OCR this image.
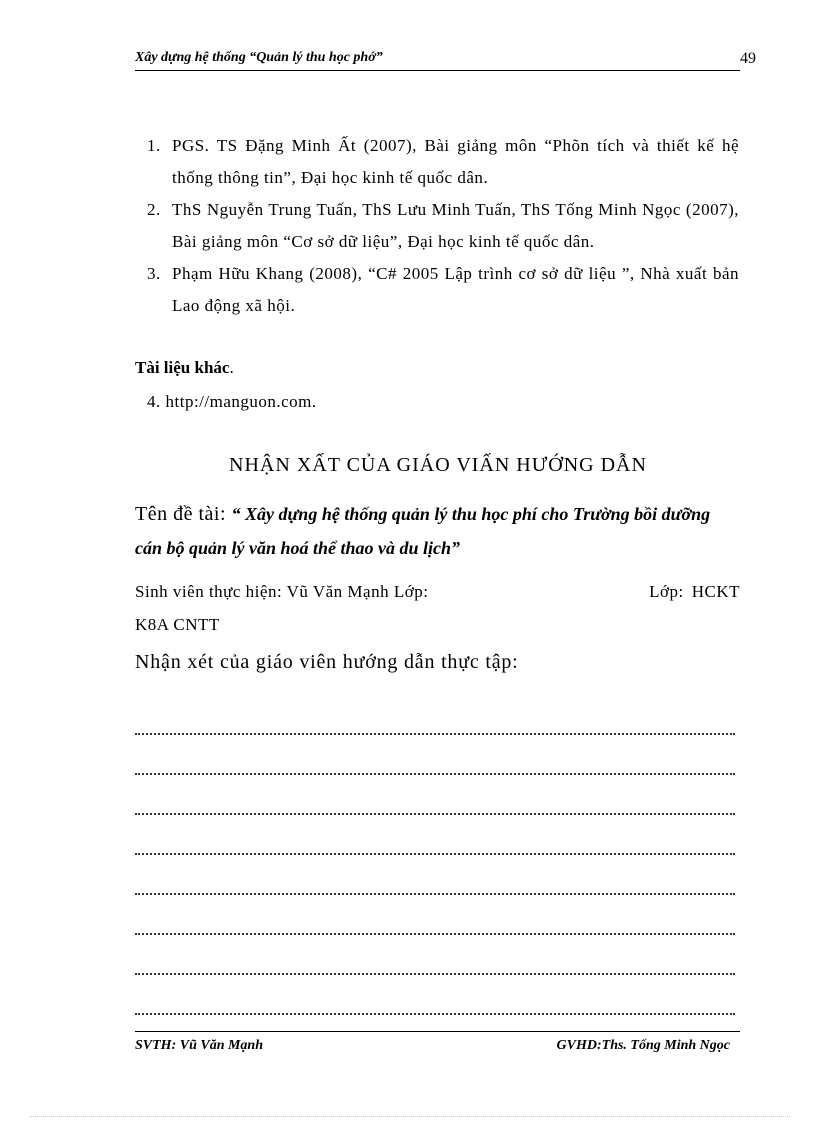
Xây dựng hệ thống “Quản lý thu học phớ”	49
1. PGS. TS Đặng Minh Ất (2007), Bài giảng môn “Phõn tích và thiết kế hệ thống thông tin”, Đại học kinh tế quốc dân.
2. ThS Nguyễn Trung Tuấn, ThS Lưu Minh Tuấn, ThS Tống Minh Ngọc (2007), Bài giảng môn “Cơ sở dữ liệu”, Đại học kinh tế quốc dân.
3. Phạm Hữu Khang (2008), “C# 2005 Lập trình cơ sở dữ liệu ”, Nhà xuất bản Lao động xã hội.
Tài liệu khác.
4. http://manguon.com.
NHẬN XẤT CỦA GIÁO VIẤN HƯỚNG DẪN
Tên đề tài: “ Xây dựng hệ thống quản lý thu học phí cho Trường bồi dưỡng cán bộ quản lý văn hoá thể thao và du lịch”
Sinh viên thực hiện: Vũ Văn Mạnh Lớp:	Lớp: HCKT
K8A CNTT
Nhận xét của giáo viên hướng dẫn thực tập:
SVTH: Vũ Văn Mạnh	GVHD:Ths. Tống Minh Ngọc
